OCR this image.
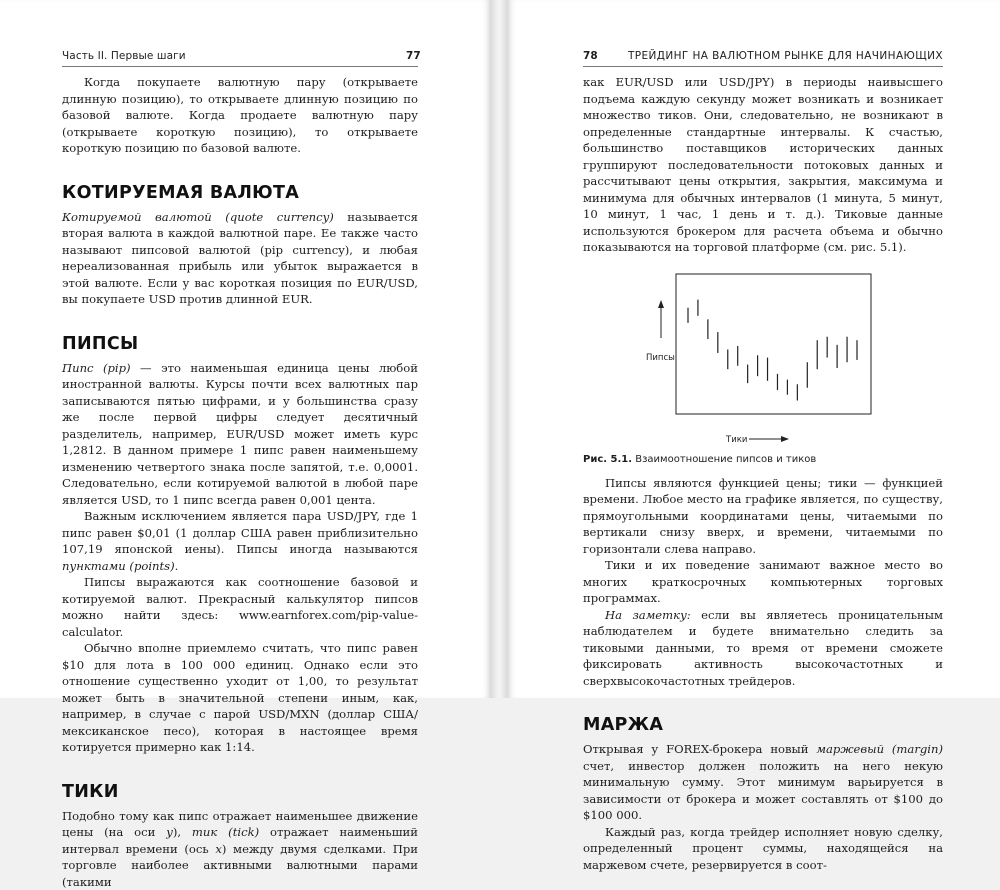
Часть II. Первые шаги	77

Когда покупаете валютную пару (открываете длинную позицию), то открываете длинную позицию по базовой валюте. Когда продаете валютную пару (открываете короткую позицию), то открываете короткую позицию по базовой валюте.

КОТИРУЕМАЯ ВАЛЮТА

Котируемой валютой (quote currency) называется вторая валюта в каждой валютной паре. Ее также часто называют пипсовой валютой (pip currency), и любая нереализованная прибыль или убыток выражается в этой валюте. Если у вас короткая позиция по EUR/USD, вы покупаете USD против длинной EUR.

ПИПСЫ

Пипс (pip) — это наименьшая единица цены любой иностранной валюты. Курсы почти всех валютных пар записываются пятью цифрами, и у большинства сразу же после первой цифры следует десятичный разделитель, например, EUR/USD может иметь курс 1,2812. В данном примере 1 пипс равен наименьшему изменению четвертого знака после запятой, т.е. 0,0001. Следовательно, если котируемой валютой в любой паре является USD, то 1 пипс всегда равен 0,001 цента.

Важным исключением является пара USD/JPY, где 1 пипс равен $0,01 (1 доллар США равен приблизительно 107,19 японской иены). Пипсы иногда называются пунктами (points).

Пипсы выражаются как соотношение базовой и котируемой валют. Прекрасный калькулятор пипсов можно найти здесь: www.earnforex.com/pip-value-calculator.

Обычно вполне приемлемо считать, что пипс равен $10 для лота в 100 000 единиц. Однако если это отношение существенно уходит от 1,00, то результат может быть в значительной степени иным, как, например, в случае с парой USD/MXN (доллар США/мексиканское песо), которая в настоящее время котируется примерно как 1:14.

ТИКИ

Подобно тому как пипс отражает наименьшее движение цены (на оси y), тик (tick) отражает наименьший интервал времени (ось x) между двумя сделками. При торговле наиболее активными валютными парами (такими

78	ТРЕЙДИНГ НА ВАЛЮТНОМ РЫНКЕ ДЛЯ НАЧИНАЮЩИХ

как EUR/USD или USD/JPY) в периоды наивысшего подъема каждую секунду может возникать и возникает множество тиков. Они, следовательно, не возникают в определенные стандартные интервалы. К счастью, большинство поставщиков исторических данных группируют последовательности потоковых данных и рассчитывают цены открытия, закрытия, максимума и минимума для обычных интервалов (1 минута, 5 минут, 10 минут, 1 час, 1 день и т. д.). Тиковые данные используются брокером для расчета объема и обычно показываются на торговой платформе (см. рис. 5.1).

Пипсы
Тики
Рис. 5.1. Взаимоотношение пипсов и тиков

Пипсы являются функцией цены; тики — функцией времени. Любое место на графике является, по существу, прямоугольными координатами цены, читаемыми по вертикали снизу вверх, и времени, читаемыми по горизонтали слева направо.

Тики и их поведение занимают важное место во многих краткосрочных компьютерных торговых программах.

На заметку: если вы являетесь проницательным наблюдателем и будете внимательно следить за тиковыми данными, то время от времени сможете фиксировать активность высокочастотных и сверхвысокочастотных трейдеров.

МАРЖА

Открывая у FOREX-брокера новый маржевый (margin) счет, инвестор должен положить на него некую минимальную сумму. Этот минимум варьируется в зависимости от брокера и может составлять от $100 до $100 000.

Каждый раз, когда трейдер исполняет новую сделку, определенный процент суммы, находящейся на маржевом счете, резервируется в сoот-
